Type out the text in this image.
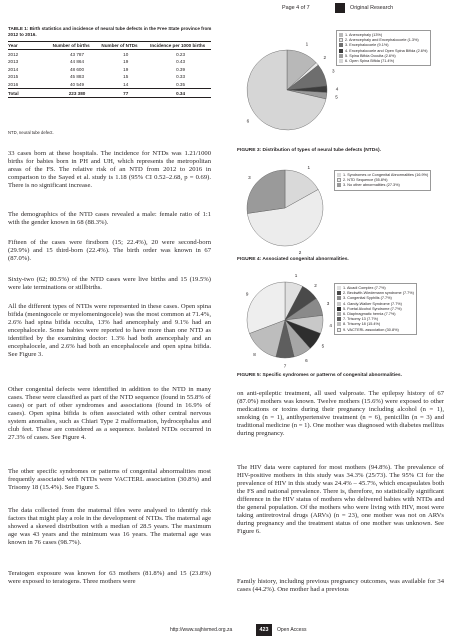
Page 4 of 7	Original Research
TABLE 1: Birth statistics and incidence of neural tube defects in the Free State province from 2012 to 2016.
Year	Number of births	Number of NTDs	Incidence per 1000 births
2012	43 787	10	0.23
2013	44 864	19	0.43
2014	48 600	19	0.39
2015	45 883	15	0.33
2016	40 549	14	0.35
Total	223 380	77	0.34
NTD, neural tube defect.

33 cases born at these hospitals. The incidence for NTDs was 1.21/1000 births for babies born in PH and UH, which represents the metropolitan areas of the FS. The relative risk of an NTD from 2012 to 2016 in comparison to the Sayed et al. study is 1.18 (95% CI 0.52–2.68, p = 0.69). There is no significant increase.

The demographics of the NTD cases revealed a male: female ratio of 1:1 with the gender known in 68 (88.3%).

Fifteen of the cases were firstborn (15; 22.4%), 20 were second-born (29.9%) and 15 third-born (22.4%). The birth order was known in 67 (87.0%).

Sixty-two (62; 80.5%) of the NTD cases were live births and 15 (19.5%) were late terminations or stillbirths.

All the different types of NTDs were represented in these cases. Open spina bifida (meningocele or myelomeningocele) was the most common at 71.4%, 2.6% had spina bifida occulta, 13% had anencephaly and 9.1% had an encephalocele. Some babies were reported to have more than one NTD as identified by the examining doctor: 1.3% had both anencephaly and an encephalocele, and 2.6% had both an encephalocele and open spina bifida. See Figure 3.

Other congenital defects were identified in addition to the NTD in many cases. These were classified as part of the NTD sequence (found in 55.8% of cases) or part of other syndromes and associations (found in 16.9% of cases). Open spina bifida is often associated with other central nervous system anomalies, such as Chiari Type 2 malformation, hydrocephalus and club feet. These are considered as a sequence. Isolated NTDs occurred in 27.3% of cases. See Figure 4.

The other specific syndromes or patterns of congenital abnormalities most frequently associated with NTDs were VACTERL association (30.8%) and Trisomy 18 (15.4%). See Figure 5.

The data collected from the maternal files were analysed to identify risk factors that might play a role in the development of NTDs. The maternal age showed a skewed distribution with a median of 28.5 years. The maximum age was 43 years and the minimum was 16 years. The maternal age was known in 76 cases (98.7%).

Teratogen exposure was known for 63 mothers (81.8%) and 15 (23.8%) were exposed to teratogens. Three mothers were

1
2
3
4
5
6
1. Anencephaly (13%)
2. Anencephaly and Encephalocoele (1.3%)
3. Encephalocoele (9.1%)
4. Encephalocoele and Open Spina Bifida (2.6%)
5. Spina Bifida Occulta (2.6%)
6. Open Spina Bifida (71.4%)
FIGURE 3: Distribution of types of neural tube defects (NTDs).
1
2
3	1. Syndromes or Congenital Abnormalities (16.9%)
2. NTD Sequence (55.8%)
3. No other abnormalities (27.3%)
FIGURE 4: Associated congenital abnormalities.
1
2
3
4
5
6
7
8
9
1. Aicadi Complex (7.7%)
2. Beckwith-Wiedemann syndrome (7.7%)
3. Congenital Syphilis (7.7%)
4. Gandy-Walker Syndrome (7.7%)
5. Foetal Alcohol Syndrome (7.7%)
6. Diaphragmatic hernia (7.7%)
7. Trisomy 13 (7.7%)
8. Trisomy 18 (15.4%)
9. VACTERL association (30.8%)
FIGURE 5: Specific syndromes or patterns of congenital abnormalities.

on anti-epileptic treatment, all used valproate. The epilepsy history of 67 (87.0%) mothers was known. Twelve mothers (15.6%) were exposed to other medications or toxins during their pregnancy including alcohol (n = 1), smoking (n = 1), antihypertensive treatment (n = 6), penicillin (n = 3) and traditional medicine (n = 1). One mother was diagnosed with diabetes mellitus during pregnancy.

The HIV data were captured for most mothers (94.8%). The prevalence of HIV-positive mothers in this study was 34.3% (25/73). The 95% CI for the prevalence of HIV in this study was 24.4% – 45.7%, which encapsulates both the FS and national prevalence. There is, therefore, no statistically significant difference in the HIV status of mothers who delivered babies with NTDs and the general population. Of the mothers who were living with HIV, most were taking antiretroviral drugs (ARVs) (n = 23), one mother was not on ARVs during pregnancy and the treatment status of one mother was unknown. See Figure 6.

Family history, including previous pregnancy outcomes, was available for 34 cases (44.2%). One mother had a previous

http://www.sajhivmed.org.za	423	Open Access
